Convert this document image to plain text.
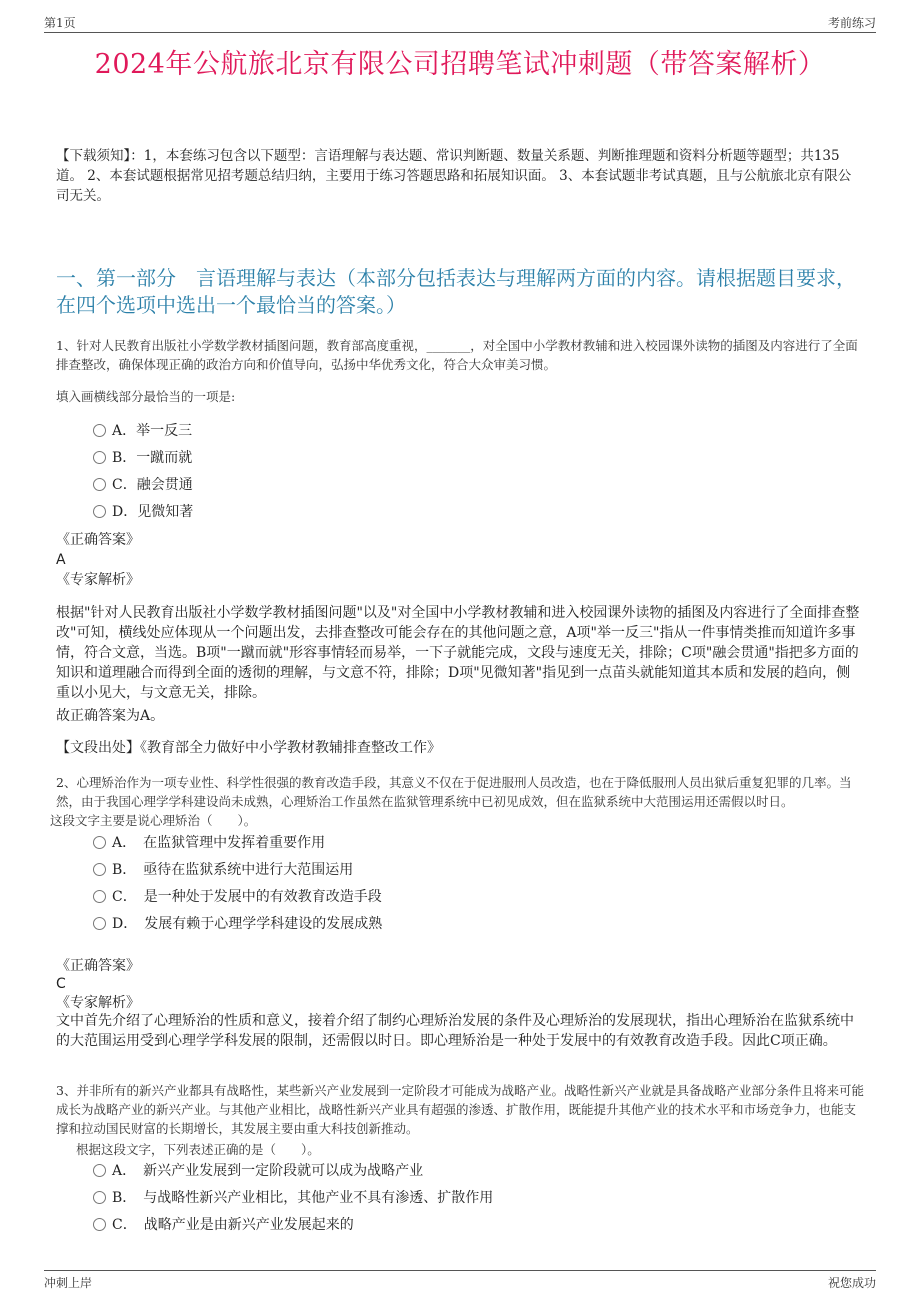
第1页	考前练习
2024年公航旅北京有限公司招聘笔试冲刺题（带答案解析）
【下载须知】：1，本套练习包含以下题型：言语理解与表达题、常识判断题、数量关系题、判断推理题和资料分析题等题型；共135道。 2、本套试题根据常见招考题总结归纳，主要用于练习答题思路和拓展知识面。 3、本套试题非考试真题，且与公航旅北京有限公司无关。
一、第一部分　言语理解与表达（本部分包括表达与理解两方面的内容。请根据题目要求，在四个选项中选出一个最恰当的答案。）
1、针对人民教育出版社小学数学教材插图问题，教育部高度重视，_______，对全国中小学教材教辅和进入校园课外读物的插图及内容进行了全面排查整改，确保体现正确的政治方向和价值导向，弘扬中华优秀文化，符合大众审美习惯。
填入画横线部分最恰当的一项是:
A．举一反三
B．一蹴而就
C．融会贯通
D．见微知著
《正确答案》
A
《专家解析》
根据"针对人民教育出版社小学数学教材插图问题"以及"对全国中小学教材教辅和进入校园课外读物的插图及内容进行了全面排查整改"可知，横线处应体现从一个问题出发，去排查整改可能会存在的其他问题之意，A项"举一反三"指从一件事情类推而知道许多事情，符合文意，当选。B项"一蹴而就"形容事情轻而易举，一下子就能完成，文段与速度无关，排除；C项"融会贯通"指把多方面的知识和道理融合而得到全面的透彻的理解，与文意不符，排除；D项"见微知著"指见到一点苗头就能知道其本质和发展的趋向，侧重以小见大，与文意无关，排除。
故正确答案为A。
【文段出处】《教育部全力做好中小学教材教辅排查整改工作》
2、心理矫治作为一项专业性、科学性很强的教育改造手段，其意义不仅在于促进服刑人员改造，也在于降低服刑人员出狱后重复犯罪的几率。当然，由于我国心理学学科建设尚未成熟，心理矫治工作虽然在监狱管理系统中已初见成效，但在监狱系统中大范围运用还需假以时日。
这段文字主要是说心理矫治（　　）。
A．　在监狱管理中发挥着重要作用
B．　亟待在监狱系统中进行大范围运用
C．　是一种处于发展中的有效教育改造手段
D．　发展有赖于心理学学科建设的发展成熟
《正确答案》
C
《专家解析》
文中首先介绍了心理矫治的性质和意义，接着介绍了制约心理矫治发展的条件及心理矫治的发展现状，指出心理矫治在监狱系统中的大范围运用受到心理学学科发展的限制，还需假以时日。即心理矫治是一种处于发展中的有效教育改造手段。因此C项正确。
3、并非所有的新兴产业都具有战略性，某些新兴产业发展到一定阶段才可能成为战略产业。战略性新兴产业就是具备战略产业部分条件且将来可能成长为战略产业的新兴产业。与其他产业相比，战略性新兴产业具有超强的渗透、扩散作用，既能提升其他产业的技术水平和市场竞争力，也能支撑和拉动国民财富的长期增长，其发展主要由重大科技创新推动。
根据这段文字，下列表述正确的是（　　）。
A．　新兴产业发展到一定阶段就可以成为战略产业
B．　与战略性新兴产业相比，其他产业不具有渗透、扩散作用
C．　战略产业是由新兴产业发展起来的
冲刺上岸	祝您成功
